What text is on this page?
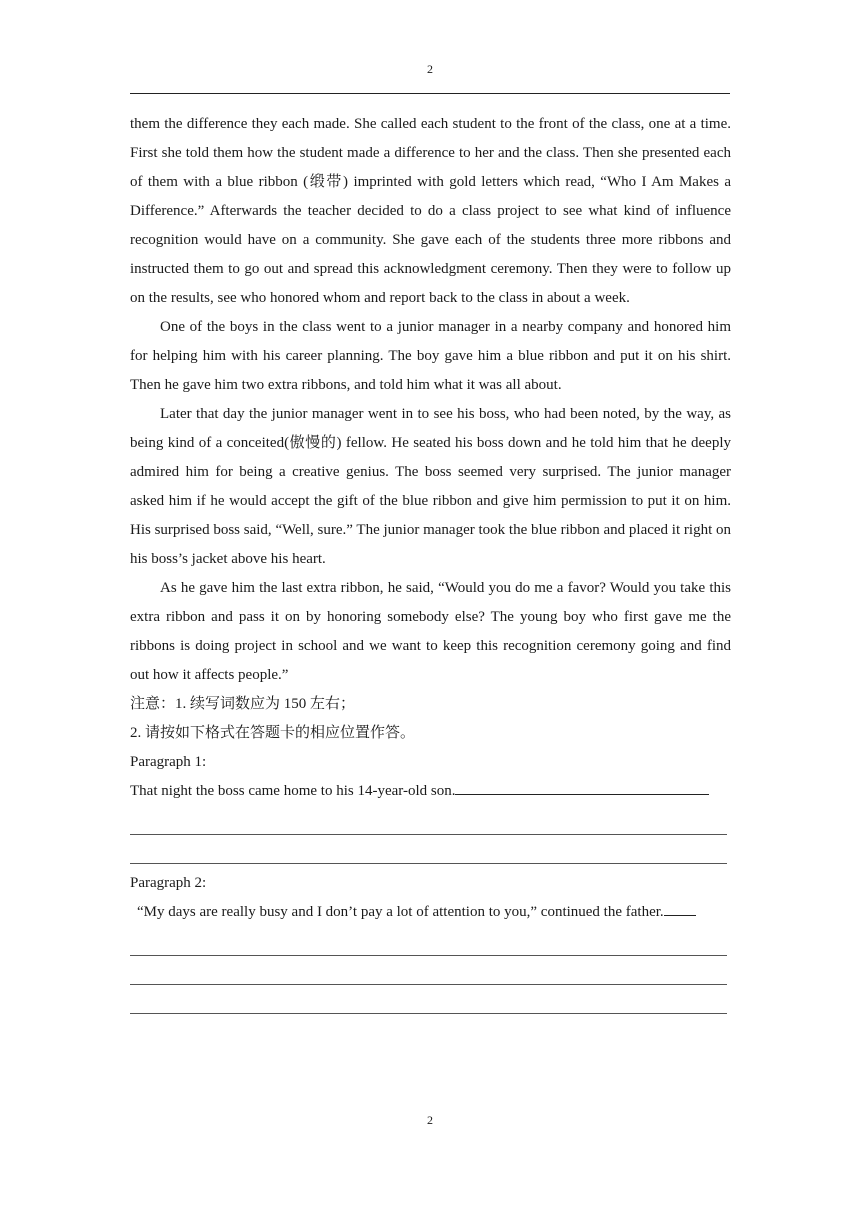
2

them the difference they each made. She called each student to the front of the class, one at a time. First she told them how the student made a difference to her and the class. Then she presented each of them with a blue ribbon (缎带) imprinted with gold letters which read, “Who I Am Makes a Difference.” Afterwards the teacher decided to do a class project to see what kind of influence recognition would have on a community. She gave each of the students three more ribbons and instructed them to go out and spread this acknowledgment ceremony. Then they were to follow up on the results, see who honored whom and report back to the class in about a week.

One of the boys in the class went to a junior manager in a nearby company and honored him for helping him with his career planning. The boy gave him a blue ribbon and put it on his shirt. Then he gave him two extra ribbons, and told him what it was all about.

Later that day the junior manager went in to see his boss, who had been noted, by the way, as being kind of a conceited(傲慢的) fellow. He seated his boss down and he told him that he deeply admired him for being a creative genius. The boss seemed very surprised. The junior manager asked him if he would accept the gift of the blue ribbon and give him permission to put it on him. His surprised boss said, “Well, sure.” The junior manager took the blue ribbon and placed it right on his boss’s jacket above his heart.

As he gave him the last extra ribbon, he said, “Would you do me a favor? Would you take this extra ribbon and pass it on by honoring somebody else? The young boy who first gave me the ribbons is doing project in school and we want to keep this recognition ceremony going and find out how it affects people.”

注意：1. 续写词数应为 150 左右；

2. 请按如下格式在答题卡的相应位置作答。

Paragraph 1:

That night the boss came home to his 14-year-old son.

Paragraph 2:

“My days are really busy and I don’t pay a lot of attention to you,” continued the father.

2
